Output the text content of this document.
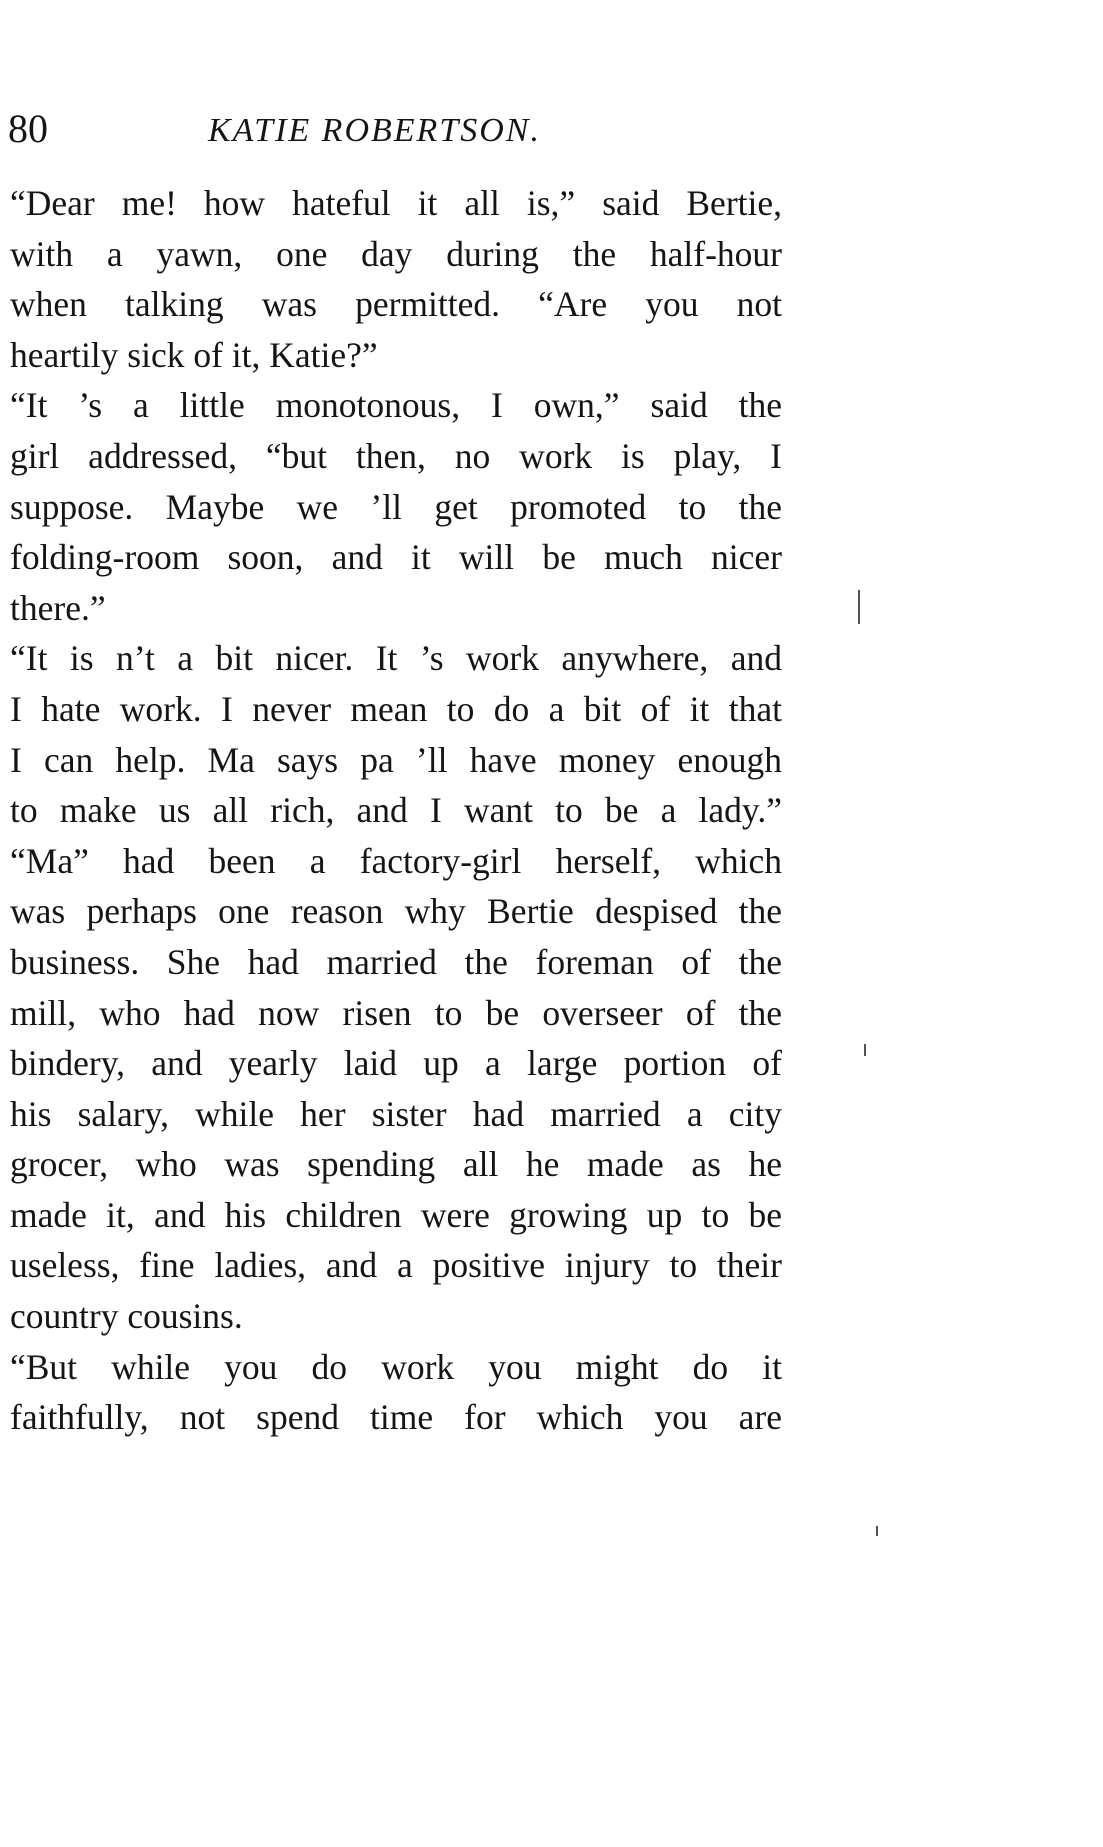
80	KATIE ROBERTSON.
“Dear me! how hateful it all is,” said Bertie,
with a yawn, one day during the half-hour
when talking was permitted. “Are you not
heartily sick of it, Katie?”
“It ’s a little monotonous, I own,” said the
girl addressed, “but then, no work is play, I
suppose. Maybe we ’ll get promoted to the
folding-room soon, and it will be much nicer
there.”
“It is n’t a bit nicer. It ’s work anywhere, and
I hate work. I never mean to do a bit of it that
I can help. Ma says pa ’ll have money enough
to make us all rich, and I want to be a lady.”
“Ma” had been a factory-girl herself, which
was perhaps one reason why Bertie despised the
business. She had married the foreman of the
mill, who had now risen to be overseer of the
bindery, and yearly laid up a large portion of
his salary, while her sister had married a city
grocer, who was spending all he made as he
made it, and his children were growing up to be
useless, fine ladies, and a positive injury to their
country cousins.
“But while you do work you might do it
faithfully, not spend time for which you are
